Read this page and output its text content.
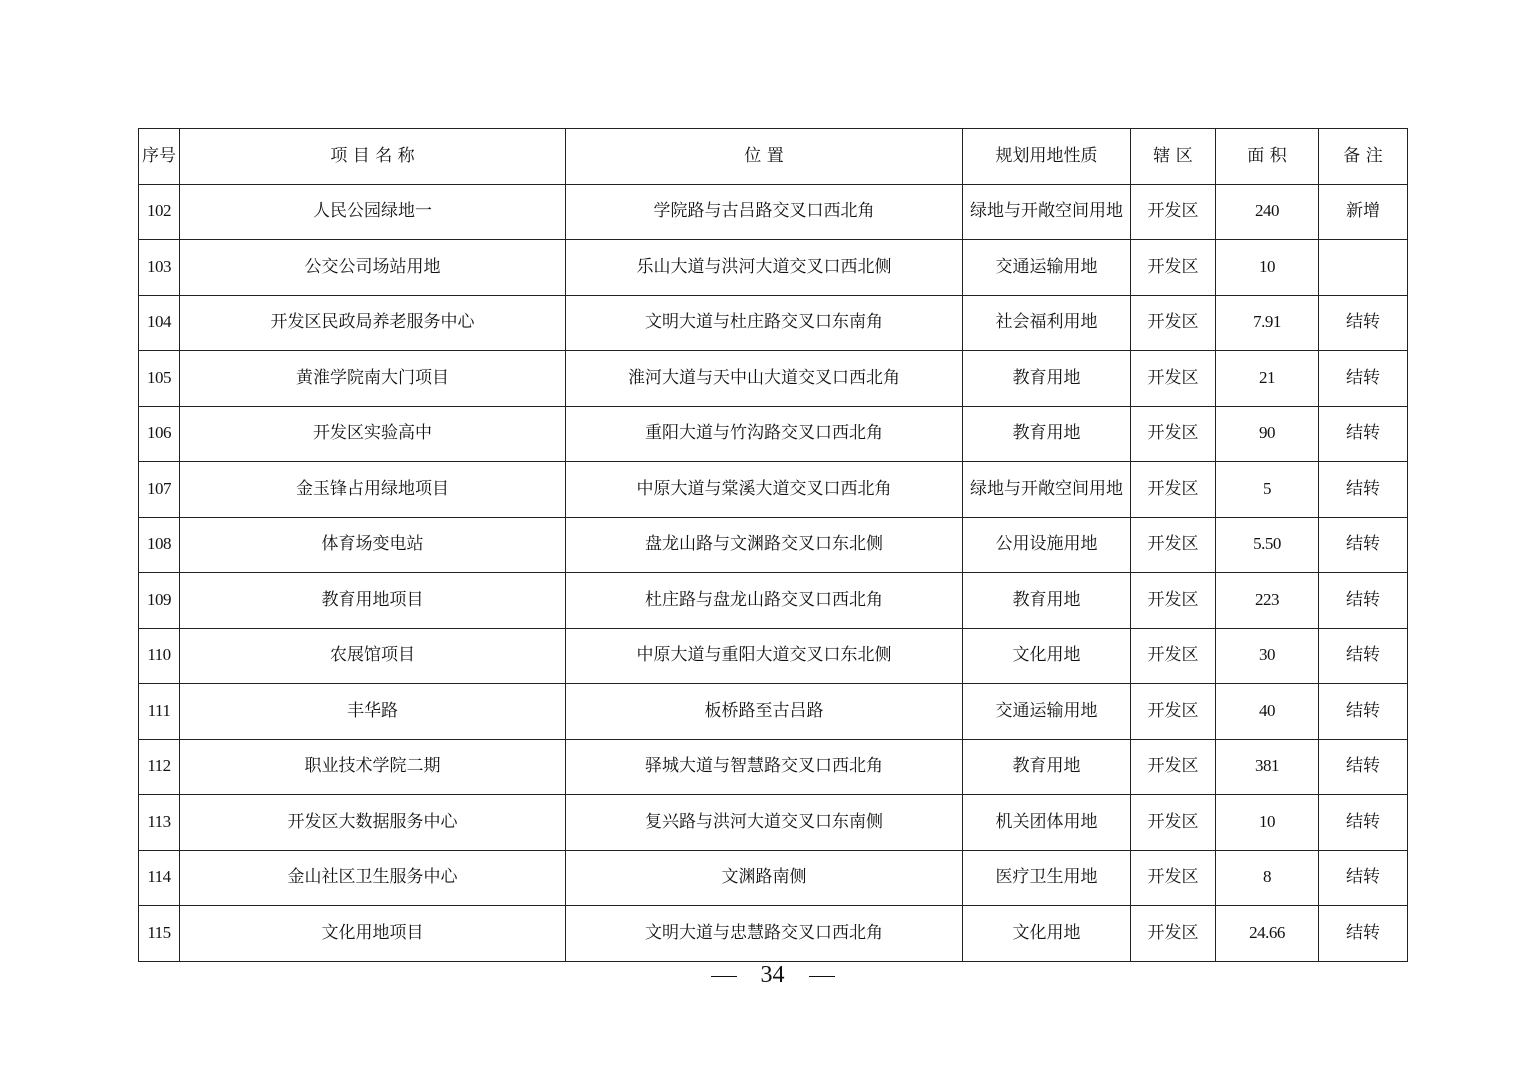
序号	项 目 名 称	位 置	规划用地性质	辖 区	面 积	备 注
102	人民公园绿地一	学院路与古吕路交叉口西北角	绿地与开敞空间用地	开发区	240	新增
103	公交公司场站用地	乐山大道与洪河大道交叉口西北侧	交通运输用地	开发区	10	
104	开发区民政局养老服务中心	文明大道与杜庄路交叉口东南角	社会福利用地	开发区	7.91	结转
105	黄淮学院南大门项目	淮河大道与天中山大道交叉口西北角	教育用地	开发区	21	结转
106	开发区实验高中	重阳大道与竹沟路交叉口西北角	教育用地	开发区	90	结转
107	金玉锋占用绿地项目	中原大道与棠溪大道交叉口西北角	绿地与开敞空间用地	开发区	5	结转
108	体育场变电站	盘龙山路与文渊路交叉口东北侧	公用设施用地	开发区	5.50	结转
109	教育用地项目	杜庄路与盘龙山路交叉口西北角	教育用地	开发区	223	结转
110	农展馆项目	中原大道与重阳大道交叉口东北侧	文化用地	开发区	30	结转
111	丰华路	板桥路至古吕路	交通运输用地	开发区	40	结转
112	职业技术学院二期	驿城大道与智慧路交叉口西北角	教育用地	开发区	381	结转
113	开发区大数据服务中心	复兴路与洪河大道交叉口东南侧	机关团体用地	开发区	10	结转
114	金山社区卫生服务中心	文渊路南侧	医疗卫生用地	开发区	8	结转
115	文化用地项目	文明大道与忠慧路交叉口西北角	文化用地	开发区	24.66	结转
34
